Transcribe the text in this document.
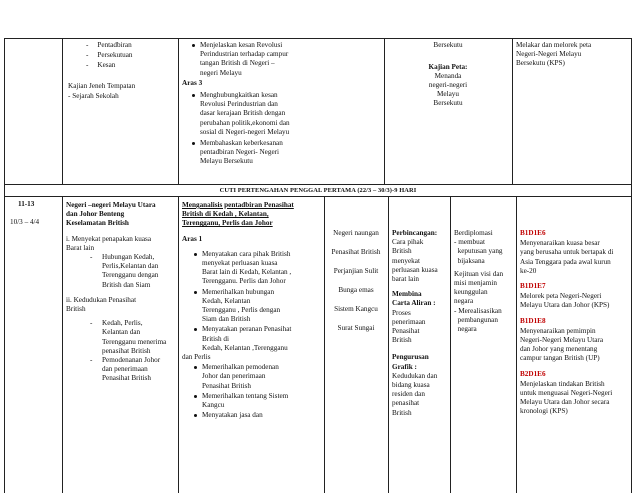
-     Pentadbiran
-     Persekutuan
-     Kesan
Kajian Jeneh Tempatan
- Sejarah Sekolah
Menjelaskan kesan Revolusi
Perindustrian terhadap campur
tangan British di Negeri –
negeri Melayu
Aras 3
Menghubungkaitkan kesan
Revolusi Perindustrian dan
dasar kerajaan British dengan
perubahan politik,ekonomi dan
sosial di Negeri-negeri Melayu
Membahaskan keberkesanan
pentadbiran Negeri- Negeri
Melayu Bersekutu
Bersekutu
Kajian Peta:
Menanda
negeri-negeri
Melayu
Bersekutu
Melakar dan melorek peta
Negeri-Negeri Melayu
Bersekutu (KPS)
CUTI PERTENGAHAN PENGGAL PERTAMA (22/3 – 30/3)-9 HARI
11-13
10/3 – 4/4
Negeri –negeri Melayu Utara
dan Johor Benteng
Keselamatan British
i. Menyekat penapakan kuasa
Barat lain
- Hubungan Kedah,
Perlis,Kelantan dan
Terengganu dengan
British dan Siam
ii. Kedudukan Penasihat
British
- Kedah, Perlis,
Kelantan dan
Terengganu menerima
penasihat British
- Pemodenanan Johor
dan penerimaan
Penasihat British
Menganalisis pentadbiran Penasihat
British di Kedah , Kelantan,
Terengganu, Perlis dan Johor
Aras 1
Menyatakan cara pihak British
menyekat perluasan kuasa
Barat lain di Kedah, Kelantan ,
Terengganu. Perlis dan Johor
Memerihalkan hubungan
Kedah, Kelantan
Terengganu , Perlis dengan
Siam dan British
Menyatakan peranan Penasihat
British di
Kedah, Kelantan ,Terengganu
dan Perlis
Memerihalkan pemodenan
Johor dan penerimaan
Penasihat British
Memerihalkan tentang Sistem
Kangcu
Menyatakan jasa dan
Negeri naungan
Penasihat British
Perjanjian Sulit
Bunga emas
Sistem Kangcu
Surat Sungai
Perbincangan:
Cara pihak
British
menyekat
perluasan kuasa
barat lain
Membina
Carta Aliran :
Proses
penerimaan
Penasihat
British
Pengurusan
Grafik :
Kedudukan dan
bidang kuasa
residen dan
penasihat
British
Berdiplomasi
- membuat
keputusan yang
bijaksana
Kejituan visi dan
misi menjamin
keunggulan
negara
- Merealisasikan
pembangunan
negara
B1D1E6
Menyenaraikan kuasa besar
yang berusaha untuk bertapak di
Asia Tenggara pada awal kurun
ke-20
B1D1E7
Melorek peta Negeri-Negeri
Melayu Utara dan Johor (KPS)
B1D1E8
Menyenaraikan pemimpin
Negeri-Negeri Melayu Utara
dan Johor yang menentang
campur tangan British (UP)
B2D1E6
Menjelaskan tindakan British
untuk menguasai Negeri-Negeri
Melayu Utara dan Johor secara
kronologi (KPS)
